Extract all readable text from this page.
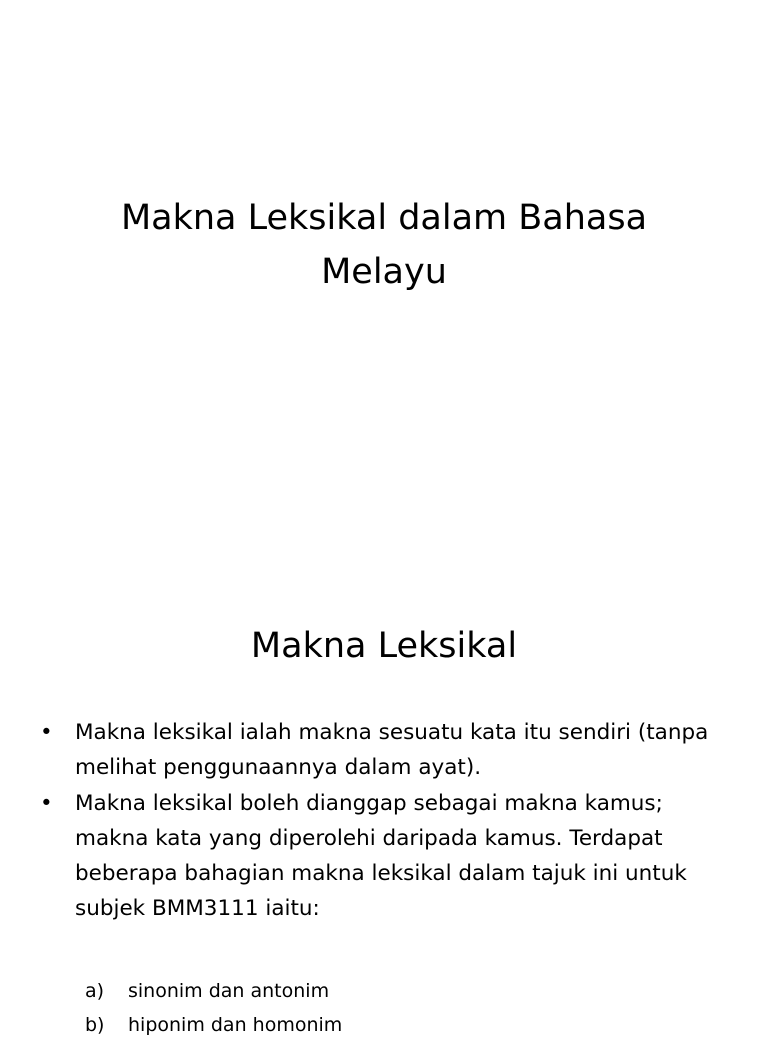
Makna Leksikal dalam Bahasa Melayu
Makna Leksikal
•	Makna leksikal ialah makna sesuatu kata itu sendiri (tanpa melihat penggunaannya dalam ayat).
•	Makna leksikal boleh dianggap sebagai makna kamus; makna kata yang diperolehi daripada kamus. Terdapat beberapa bahagian makna leksikal dalam tajuk ini untuk subjek BMM3111 iaitu:
a) sinonim dan antonim
b) hiponim dan homonim
